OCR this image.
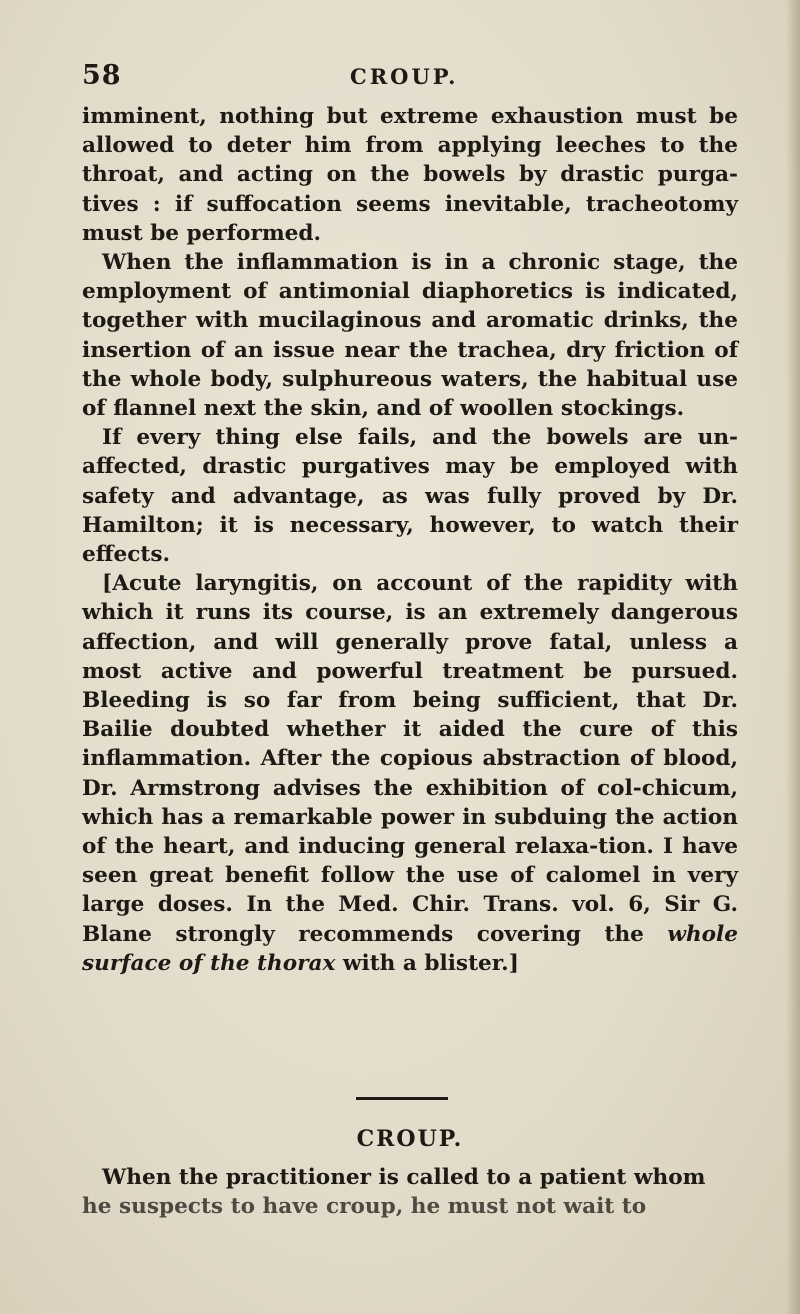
58	CROUP.

imminent, nothing but extreme exhaustion must be allowed to deter him from applying leeches to the throat, and acting on the bowels by drastic purga-tives : if suffocation seems inevitable, tracheotomy must be performed.

When the inflammation is in a chronic stage, the employment of antimonial diaphoretics is indicated, together with mucilaginous and aromatic drinks, the insertion of an issue near the trachea, dry friction of the whole body, sulphureous waters, the habitual use of flannel next the skin, and of woollen stockings.

If every thing else fails, and the bowels are un-affected, drastic purgatives may be employed with safety and advantage, as was fully proved by Dr. Hamilton; it is necessary, however, to watch their effects.

[Acute laryngitis, on account of the rapidity with which it runs its course, is an extremely dangerous affection, and will generally prove fatal, unless a most active and powerful treatment be pursued. Bleeding is so far from being sufficient, that Dr. Bailie doubted whether it aided the cure of this inflammation. After the copious abstraction of blood, Dr. Armstrong advises the exhibition of col-chicum, which has a remarkable power in subduing the action of the heart, and inducing general relaxa-tion. I have seen great benefit follow the use of calomel in very large doses. In the Med. Chir. Trans. vol. 6, Sir G. Blane strongly recommends covering the whole surface of the thorax with a blister.]

CROUP.

When the practitioner is called to a patient whom
he suspects to have croup, he must not wait to
